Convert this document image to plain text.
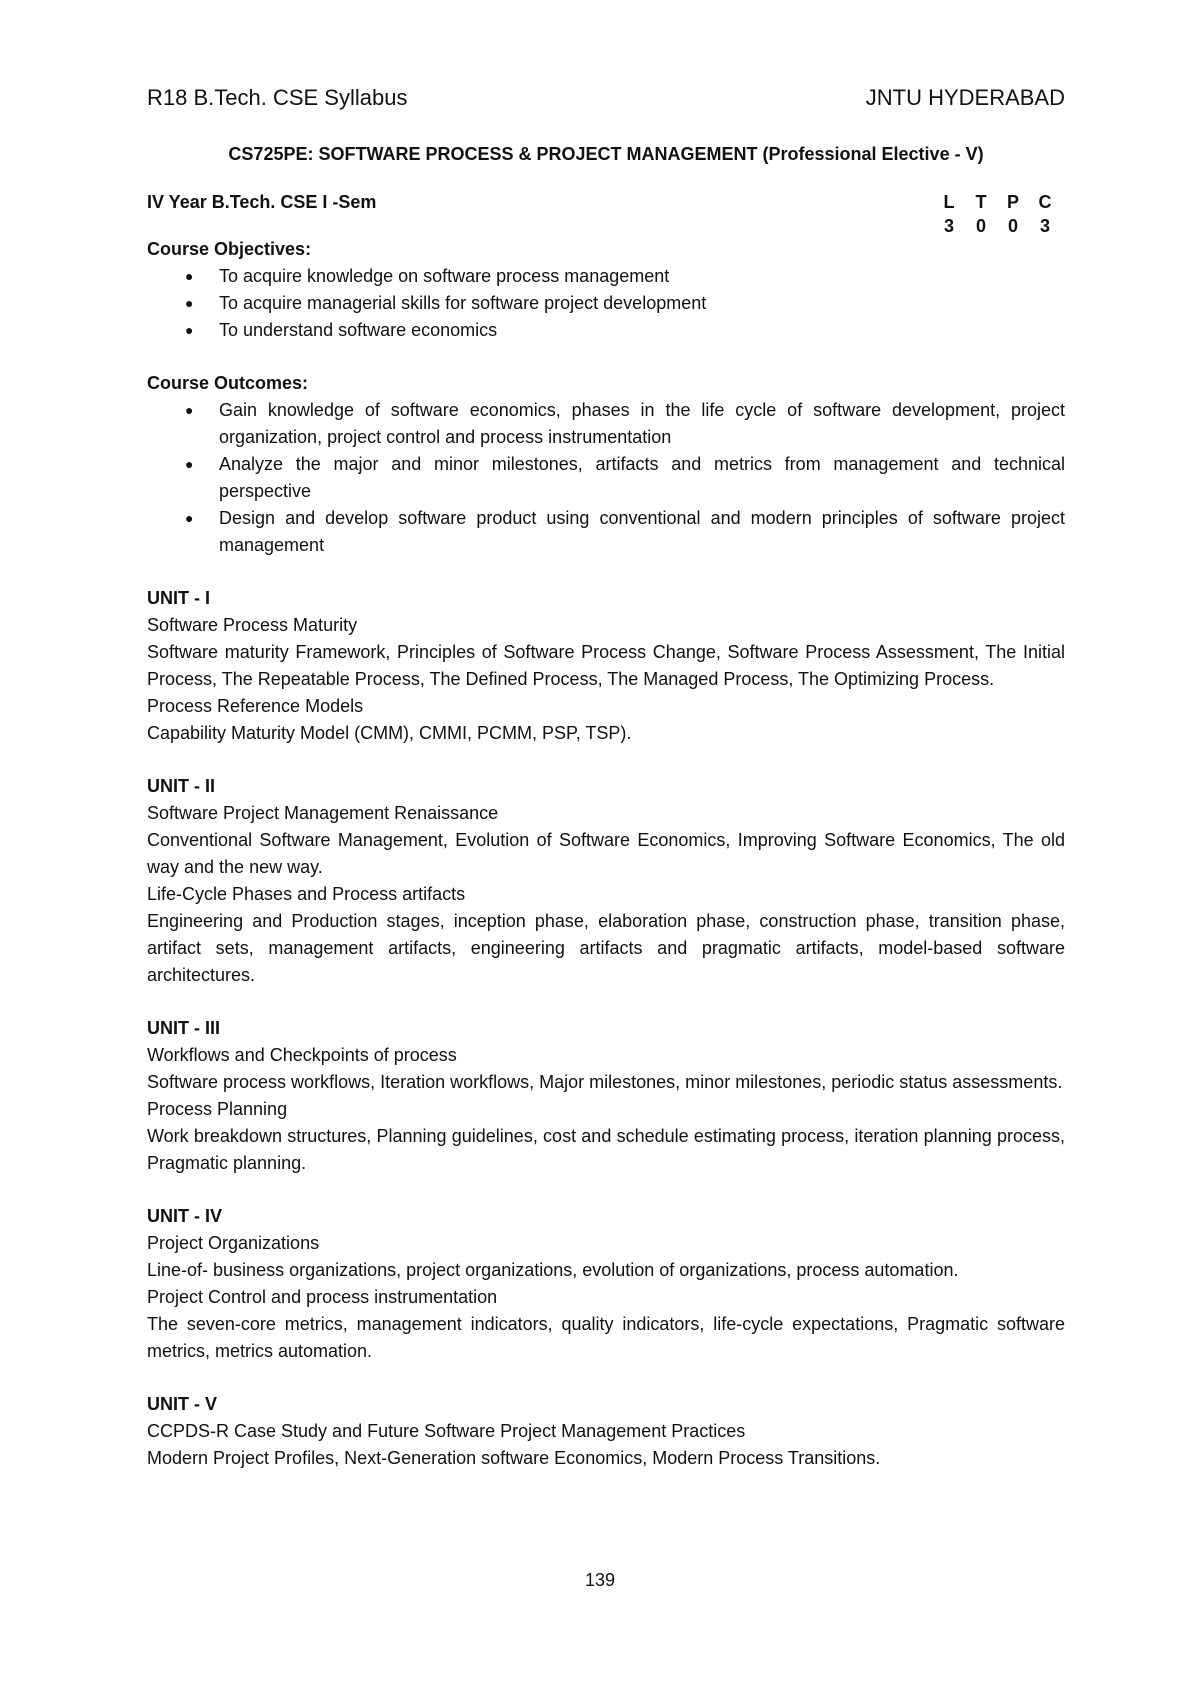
R18 B.Tech. CSE Syllabus	JNTU HYDERABAD
CS725PE: SOFTWARE PROCESS & PROJECT MANAGEMENT (Professional Elective - V)
IV Year B.Tech. CSE I -Sem	L	T	P	C
3	0	0	3
Course Objectives:
● To acquire knowledge on software process management
● To acquire managerial skills for software project development
● To understand software economics
Course Outcomes:
● Gain knowledge of software economics, phases in the life cycle of software development, project organization, project control and process instrumentation
● Analyze the major and minor milestones, artifacts and metrics from management and technical perspective
● Design and develop software product using conventional and modern principles of software project management
UNIT - I
Software Process Maturity
Software maturity Framework, Principles of Software Process Change, Software Process Assessment, The Initial Process, The Repeatable Process, The Defined Process, The Managed Process, The Optimizing Process.
Process Reference Models
Capability Maturity Model (CMM), CMMI, PCMM, PSP, TSP).
UNIT - II
Software Project Management Renaissance
Conventional Software Management, Evolution of Software Economics, Improving Software Economics, The old way and the new way.
Life-Cycle Phases and Process artifacts
Engineering and Production stages, inception phase, elaboration phase, construction phase, transition phase, artifact sets, management artifacts, engineering artifacts and pragmatic artifacts, model-based software architectures.
UNIT - III
Workflows and Checkpoints of process
Software process workflows, Iteration workflows, Major milestones, minor milestones, periodic status assessments.
Process Planning
Work breakdown structures, Planning guidelines, cost and schedule estimating process, iteration planning process, Pragmatic planning.
UNIT - IV
Project Organizations
Line-of- business organizations, project organizations, evolution of organizations, process automation.
Project Control and process instrumentation
The seven-core metrics, management indicators, quality indicators, life-cycle expectations, Pragmatic software metrics, metrics automation.
UNIT - V
CCPDS-R Case Study and Future Software Project Management Practices
Modern Project Profiles, Next-Generation software Economics, Modern Process Transitions.
139
